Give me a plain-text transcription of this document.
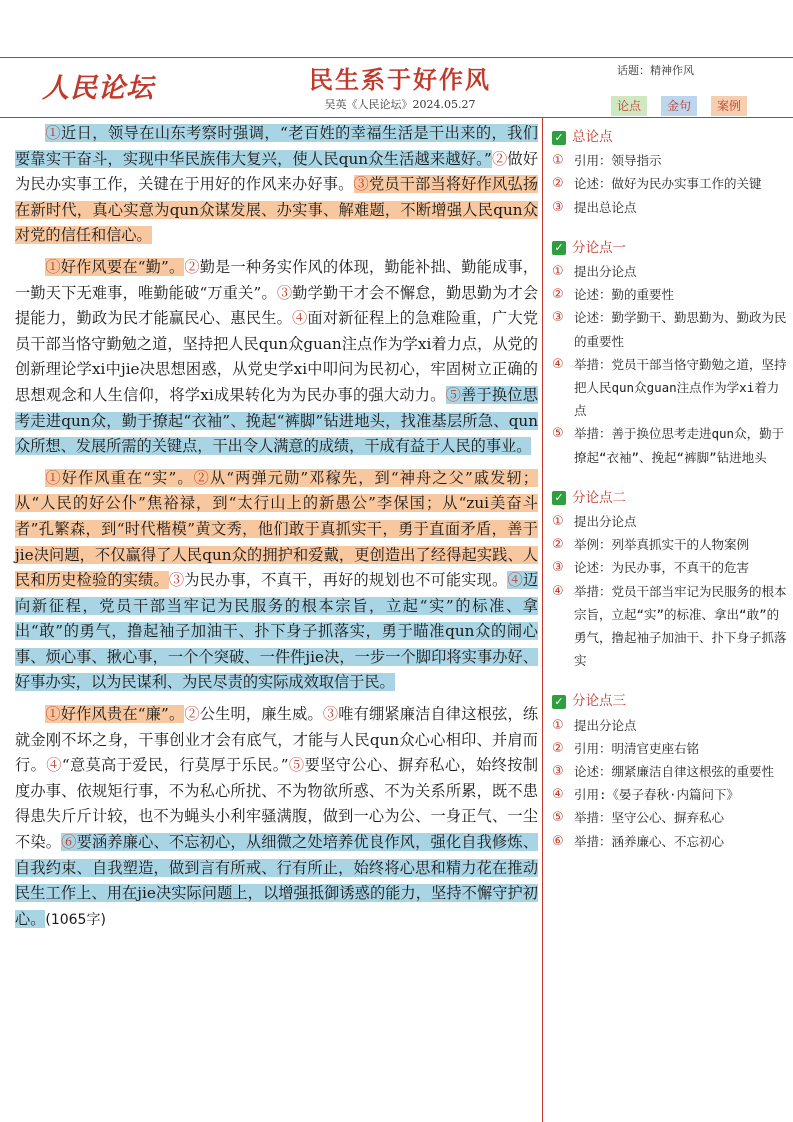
人民论坛	民生系于好作风
吴英《人民论坛》2024.05.27
话题：精神作风
论点	金句	案例

①近日，领导在山东考察时强调，“老百姓的幸福生活是干出来的，我们要靠实干奋斗，实现中华民族伟大复兴，使人民qun众生活越来越好。”②做好为民办实事工作，关键在于用好的作风来办好事。③党员干部当将好作风弘扬在新时代，真心实意为qun众谋发展、办实事、解难题，不断增强人民qun众对党的信任和信心。

①好作风要在“勤”。②勤是一种务实作风的体现，勤能补拙、勤能成事，一勤天下无难事，唯勤能破“万重关”。③勤学勤干才会不懈怠，勤思勤为才会提能力，勤政为民才能赢民心、惠民生。④面对新征程上的急难险重，广大党员干部当恪守勤勉之道，坚持把人民qun众guan注点作为学xi着力点，从党的创新理论学xi中jie决思想困惑，从党史学xi中叩问为民初心，牢固树立正确的思想观念和人生信仰，将学xi成果转化为为民办事的强大动力。⑤善于换位思考走进qun众，勤于撩起“衣袖”、挽起“裤脚”钻进地头，找准基层所急、qun众所想、发展所需的关键点，干出令人满意的成绩，干成有益于人民的事业。

①好作风重在“实”。②从“两弹元勋”邓稼先，到“神舟之父”戚发轫；从“人民的好公仆”焦裕禄，到“太行山上的新愚公”李保国；从“zui美奋斗者”孔繁森，到“时代楷模”黄文秀，他们敢于真抓实干，勇于直面矛盾，善于jie决问题，不仅赢得了人民qun众的拥护和爱戴，更创造出了经得起实践、人民和历史检验的实绩。③为民办事，不真干，再好的规划也不可能实现。④迈向新征程，党员干部当牢记为民服务的根本宗旨，立起“实”的标准、拿出“敢”的勇气，撸起袖子加油干、扑下身子抓落实，勇于瞄准qun众的闹心事、烦心事、揪心事，一个个突破、一件件jie决，一步一个脚印将实事办好、好事办实，以为民谋利、为民尽责的实际成效取信于民。

①好作风贵在“廉”。②公生明，廉生威。③唯有绷紧廉洁自律这根弦，练就金刚不坏之身，干事创业才会有底气，才能与人民qun众心心相印、并肩而行。④“意莫高于爱民，行莫厚于乐民。”⑤要坚守公心、摒弃私心，始终按制度办事、依规矩行事，不为私心所扰、不为物欲所惑、不为关系所累，既不患得患失斤斤计较，也不为蝇头小利牢骚满腹，做到一心为公、一身正气、一尘不染。⑥要涵养廉心、不忘初心，从细微之处培养优良作风，强化自我修炼、自我约束、自我塑造，做到言有所戒、行有所止，始终将心思和精力花在推动民生工作上、用在jie决实际问题上，以增强抵御诱惑的能力，坚持不懈守护初心。(1065字)

✓ 总论点
① 引用：领导指示
② 论述：做好为民办实事工作的关键
③ 提出总论点
✓ 分论点一
① 提出分论点
② 论述：勤的重要性
③ 论述：勤学勤干、勤思勤为、勤政为民的重要性
④ 举措：党员干部当恪守勤勉之道，坚持把人民qun众guan注点作为学xi着力点
⑤ 举措：善于换位思考走进qun众，勤于撩起“衣袖”、挽起“裤脚”钻进地头
✓ 分论点二
① 提出分论点
② 举例：列举真抓实干的人物案例
③ 论述：为民办事，不真干的危害
④ 举措：党员干部当牢记为民服务的根本宗旨，立起“实”的标准、拿出“敢”的勇气，撸起袖子加油干、扑下身子抓落实
✓ 分论点三
① 提出分论点
② 引用：明清官吏座右铭
③ 论述：绷紧廉洁自律这根弦的重要性
④ 引用:《晏子春秋·内篇问下》
⑤ 举措：坚守公心、摒弃私心
⑥ 举措：涵养廉心、不忘初心
